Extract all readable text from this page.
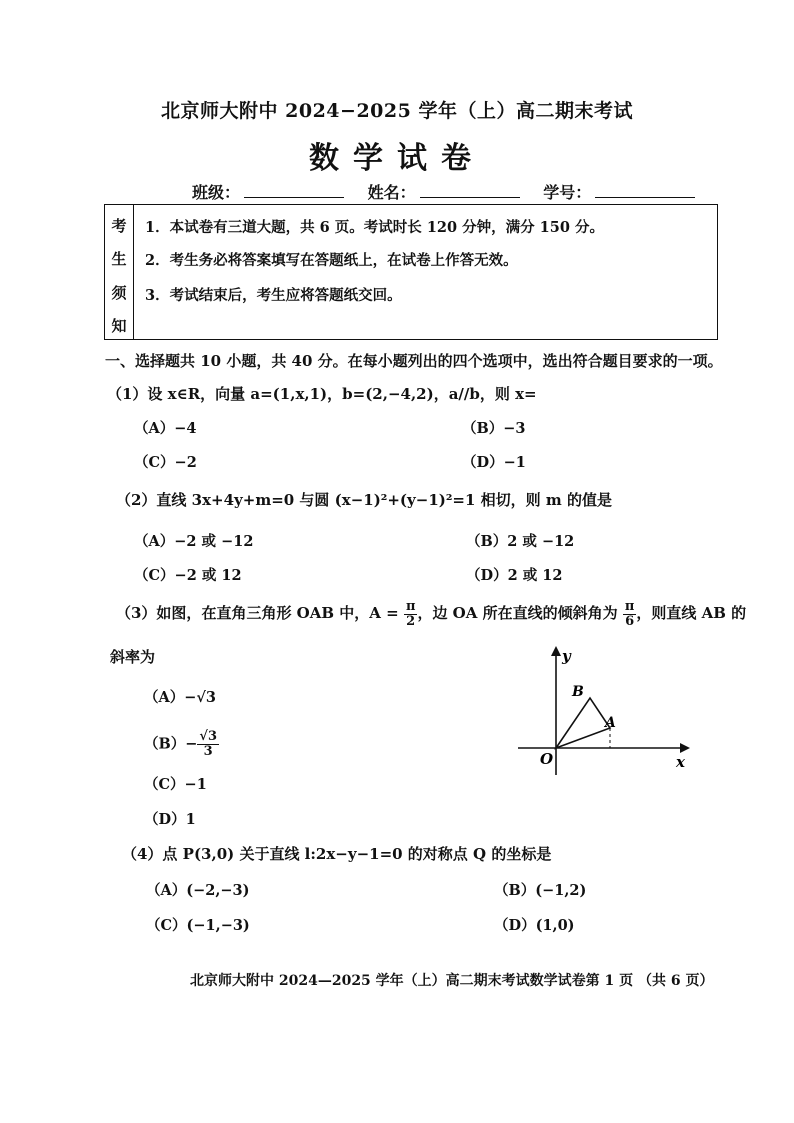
北京师大附中 2024−2025 学年（上）高二期末考试
数学试卷
班级：	姓名：	学号：
考
生
须
知
1．本试卷有三道大题，共 6 页。考试时长 120 分钟，满分 150 分。
2．考生务必将答案填写在答题纸上，在试卷上作答无效。
3．考试结束后，考生应将答题纸交回。
一、选择题共 10 小题，共 40 分。在每小题列出的四个选项中，选出符合题目要求的一项。
（1）设 x∈R，向量 a=(1,x,1)，b=(2,−4,2)，a//b，则 x=
（A）−4	（B）−3
（C）−2	（D）−1
（2）直线 3x+4y+m=0 与圆 (x−1)²+(y−1)²=1 相切，则 m 的值是
（A）−2 或 −12	（B）2 或 −12
（C）−2 或 12	（D）2 或 12
（3）如图，在直角三角形 OAB 中，$A = \frac{\pi}{2}$ ，边 OA 所在直线的倾斜角为 $\frac{\pi}{6}$ ，则直线 AB 的
斜率为
（A）−√3
$(B)- \frac{√3}{3}$
（C）−1
（D）1
y
x
O
B
A
（4）点 P(3,0) 关于直线 l:2x−y−1=0 的对称点 Q 的坐标是
（A）(−2,−3)	（B）(−1,2)
（C）(−1,−3)	（D）(1,0)
北京师大附中 2024—2025 学年（上）高二期末考试数学试卷第 1 页 （共 6 页）
